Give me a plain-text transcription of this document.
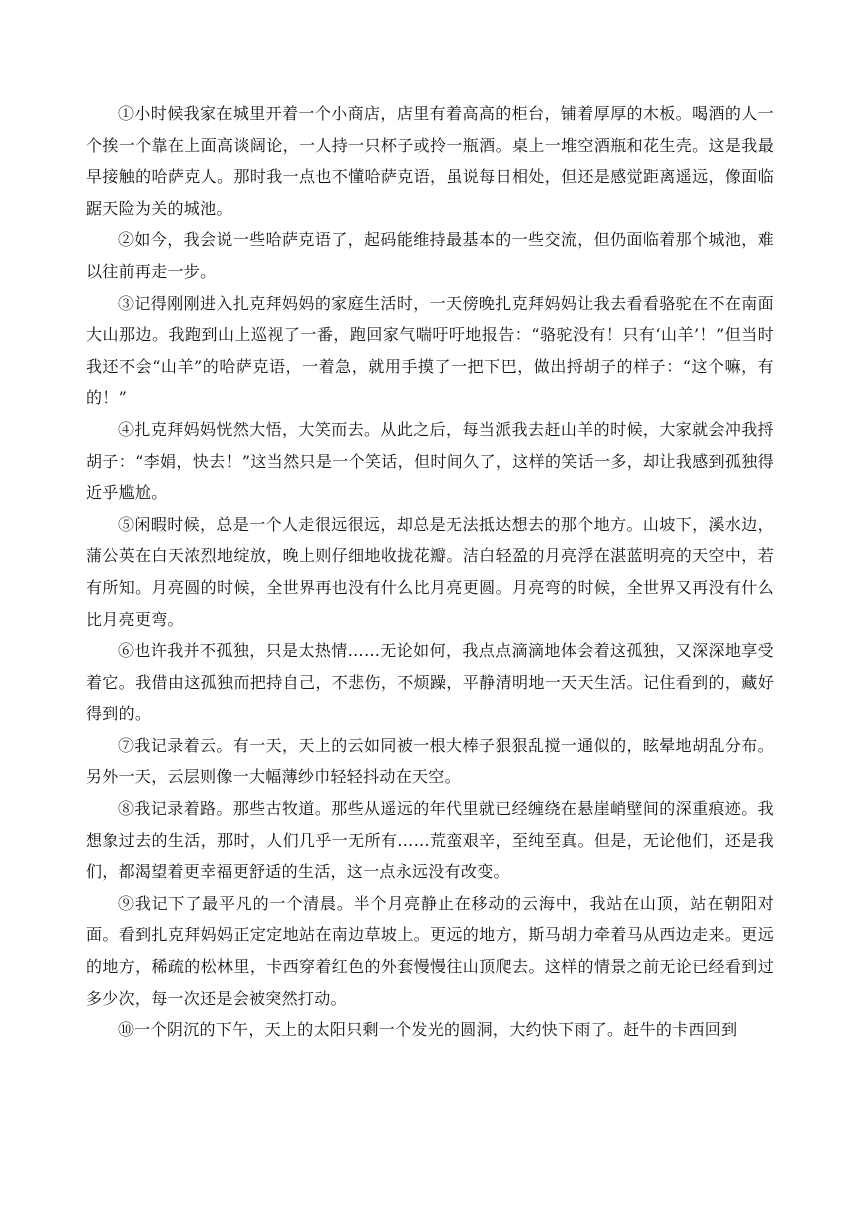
①小时候我家在城里开着一个小商店，店里有着高高的柜台，铺着厚厚的木板。喝酒的人一个挨一个靠在上面高谈阔论，一人持一只杯子或拎一瓶酒。桌上一堆空酒瓶和花生壳。这是我最早接触的哈萨克人。那时我一点也不懂哈萨克语，虽说每日相处，但还是感觉距离遥远，像面临踞天险为关的城池。

②如今，我会说一些哈萨克语了，起码能维持最基本的一些交流，但仍面临着那个城池，难以往前再走一步。

③记得刚刚进入扎克拜妈妈的家庭生活时，一天傍晚扎克拜妈妈让我去看看骆驼在不在南面大山那边。我跑到山上巡视了一番，跑回家气喘吁吁地报告：“骆驼没有！只有‘山羊’！”但当时我还不会“山羊”的哈萨克语，一着急，就用手摸了一把下巴，做出捋胡子的样子：“这个嘛，有的！”

④扎克拜妈妈恍然大悟，大笑而去。从此之后，每当派我去赶山羊的时候，大家就会冲我捋胡子：“李娟，快去！”这当然只是一个笑话，但时间久了，这样的笑话一多，却让我感到孤独得近乎尴尬。

⑤闲暇时候，总是一个人走很远很远，却总是无法抵达想去的那个地方。山坡下，溪水边，蒲公英在白天浓烈地绽放，晚上则仔细地收拢花瓣。洁白轻盈的月亮浮在湛蓝明亮的天空中，若有所知。月亮圆的时候，全世界再也没有什么比月亮更圆。月亮弯的时候，全世界又再没有什么比月亮更弯。

⑥也许我并不孤独，只是太热情……无论如何，我点点滴滴地体会着这孤独，又深深地享受着它。我借由这孤独而把持自己，不悲伤，不烦躁，平静清明地一天天生活。记住看到的，藏好得到的。

⑦我记录着云。有一天，天上的云如同被一根大棒子狠狠乱搅一通似的，眩晕地胡乱分布。另外一天，云层则像一大幅薄纱巾轻轻抖动在天空。

⑧我记录着路。那些古牧道。那些从遥远的年代里就已经缠绕在悬崖峭壁间的深重痕迹。我想象过去的生活，那时，人们几乎一无所有……荒蛮艰辛，至纯至真。但是，无论他们，还是我们，都渴望着更幸福更舒适的生活，这一点永远没有改变。

⑨我记下了最平凡的一个清晨。半个月亮静止在移动的云海中，我站在山顶，站在朝阳对面。看到扎克拜妈妈正定定地站在南边草坡上。更远的地方，斯马胡力牵着马从西边走来。更远的地方，稀疏的松林里，卡西穿着红色的外套慢慢往山顶爬去。这样的情景之前无论已经看到过多少次，每一次还是会被突然打动。

⑩一个阴沉的下午，天上的太阳只剩一个发光的圆洞，大约快下雨了。赶牛的卡西回到
